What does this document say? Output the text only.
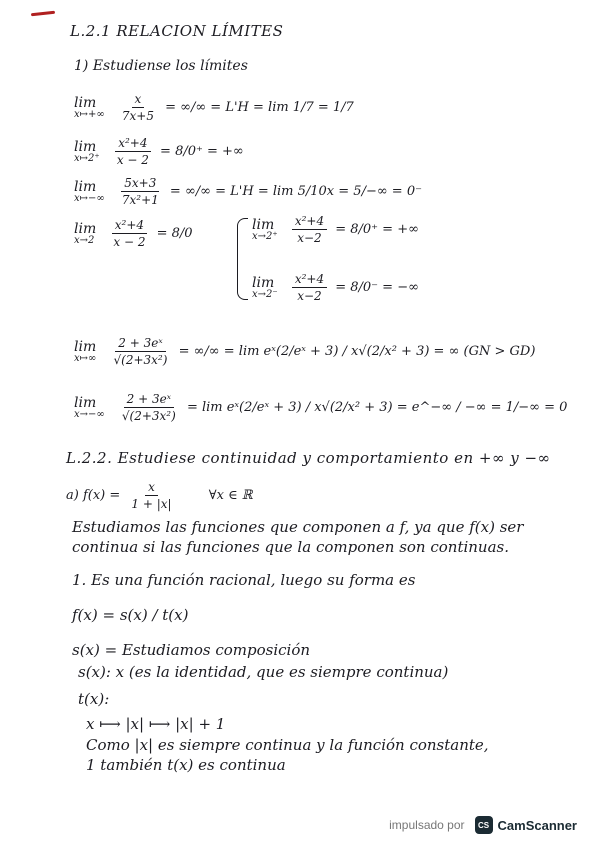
L.2.1 RELACION LÍMITES
1) Estudiense los límites
lim
x↦+∞
$\frac{x}{7x+5}$ = ∞/∞ = L'H = lim 1/7 = 1/7
lim
x↦2⁺
$\frac{\text{x²+4}}{x - 2} = 8/0^+$ = +∞
lim
x↦−∞
$\frac{5x+3}{\text{7x²+1}}$ = ∞/∞ = L'H = lim 5/10x = 5/−∞ = 0⁻
lim
x→2
$\frac{\text{x²+4}}{x - 2} = 8/0$
lim
x→2⁺
$\frac{\text{x²+4}}{x-2} = 8/0^+$ = +∞
lim
x→2⁻
$\frac{\text{x²+4}}{x-2} = 8/0^-$ = −∞
lim
x↦∞
$\frac{\text{2 + 3eˣ}}{\text{√(2+3x²)}}$ = ∞/∞ = lim eˣ(2/eˣ + 3) / x√(2/x² + 3) = ∞ (GN > GD)
lim
x→−∞
$\frac{\text{2 + 3eˣ}}{\text{√(2+3x²)}} = \lim$ eˣ(2/eˣ + 3) / x√(2/x² + 3) = e^−∞ / −∞ = 1/−∞ = 0
L.2.2. Estudiese continuidad y comportamiento en +∞ y −∞
a) $f(x) = \frac{x}{1 + |x|}$	∀x ∈ ℝ
Estudiamos las funciones que componen a f, ya que f(x) ser
continua si las funciones que la componen son continuas.
1. Es una función racional, luego su forma es
f(x) = s(x) / t(x)
s(x) = Estudiamos composición
s(x): x (es la identidad, que es siempre continua)
t(x):
x ⟼ |x| ⟼ |x| + 1
Como |x| es siempre continua y la función constante,
1 también t(x) es continua
impulsado por	CS CamScanner
